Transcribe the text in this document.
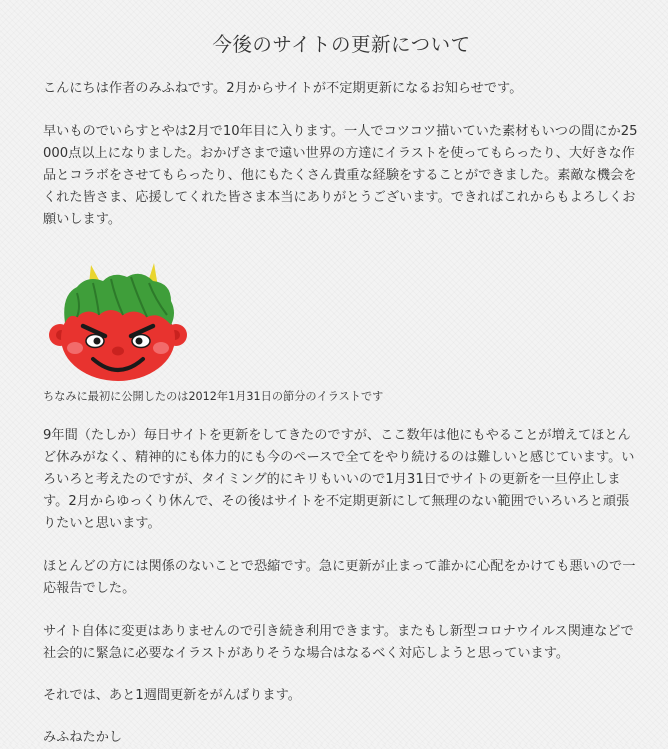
今後のサイトの更新について

こんにちは作者のみふねです。2月からサイトが不定期更新になるお知らせです。

早いものでいらすとやは2月で10年目に入ります。一人でコツコツ描いていた素材もいつの間にか25000点以上になりました。おかげさまで遠い世界の方達にイラストを使ってもらったり、大好きな作品とコラボをさせてもらったり、他にもたくさん貴重な経験をすることができました。素敵な機会をくれた皆さま、応援してくれた皆さま本当にありがとうございます。できればこれからもよろしくお願いします。

ちなみに最初に公開したのは2012年1月31日の節分のイラストです

9年間（たしか）毎日サイトを更新をしてきたのですが、ここ数年は他にもやることが増えてほとんど休みがなく、精神的にも体力的にも今のペースで全てをやり続けるのは難しいと感じています。いろいろと考えたのですが、タイミング的にキリもいいので1月31日でサイトの更新を一旦停止します。2月からゆっくり休んで、その後はサイトを不定期更新にして無理のない範囲でいろいろと頑張りたいと思います。

ほとんどの方には関係のないことで恐縮です。急に更新が止まって誰かに心配をかけても悪いので一応報告でした。

サイト自体に変更はありませんので引き続き利用できます。またもし新型コロナウイルス関連などで社会的に緊急に必要なイラストがありそうな場合はなるべく対応しようと思っています。

それでは、あと1週間更新をがんばります。

みふねたかし
